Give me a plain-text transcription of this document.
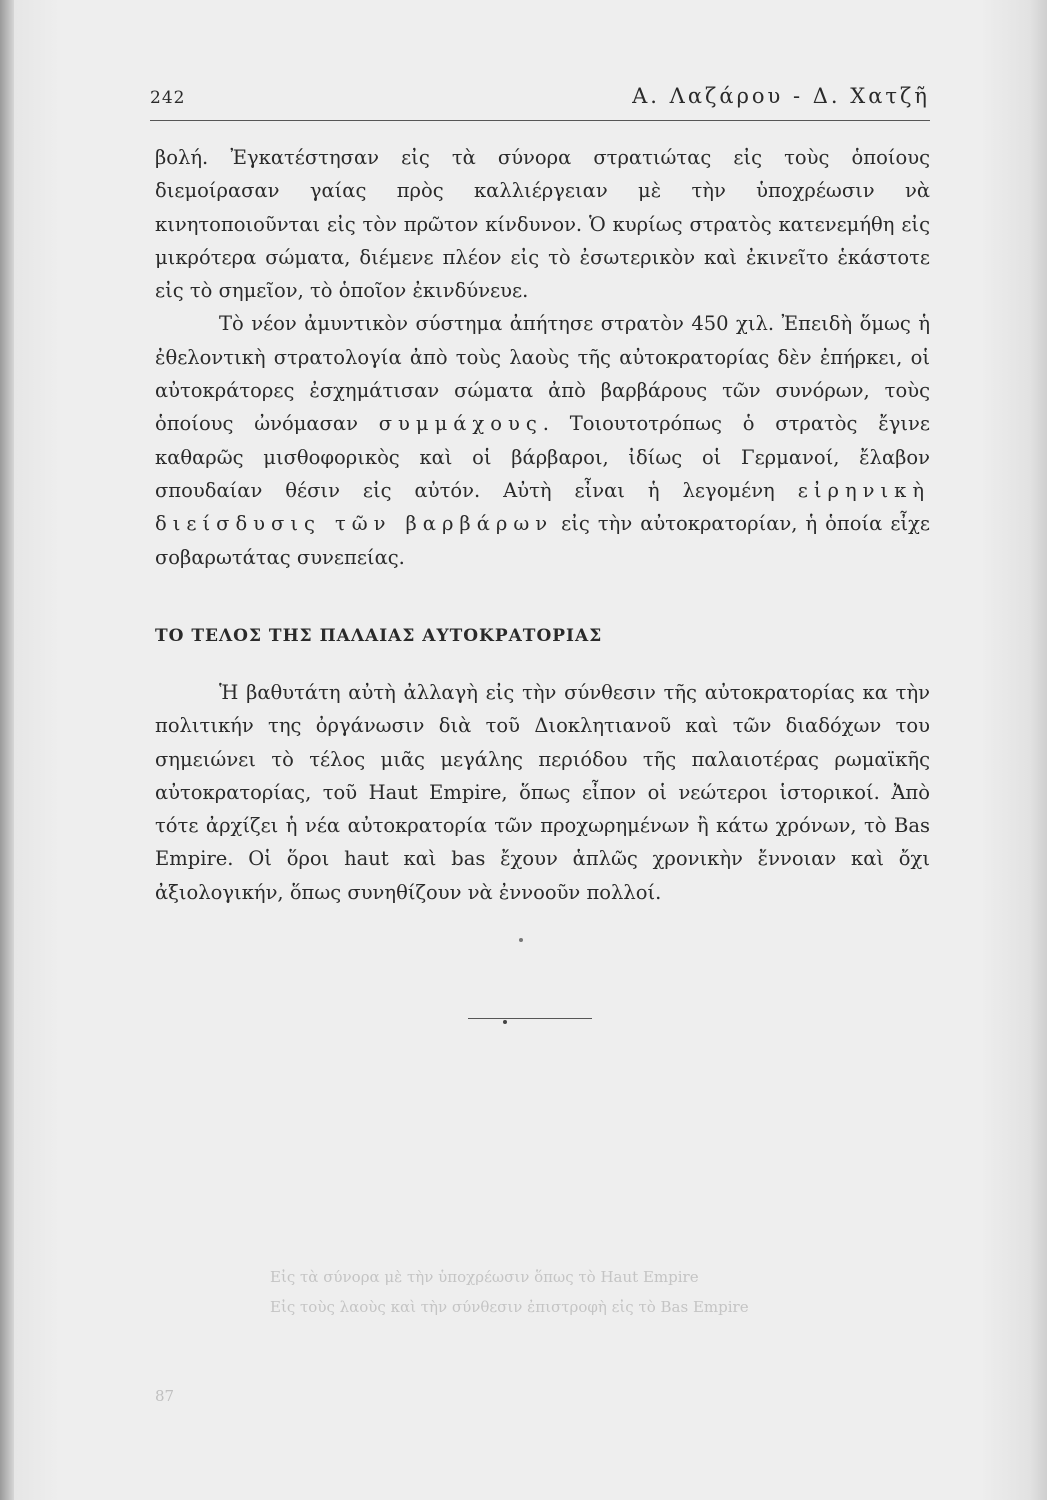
242	Α. Λαζάρου - Δ. Χατζῆ

βολή. Ἐγκατέστησαν εἰς τὰ σύνορα στρατιώτας εἰς τοὺς ὁποίους διεμοίρασαν γαίας πρὸς καλλιέργειαν μὲ τὴν ὑποχρέωσιν νὰ κινητοποιοῦνται εἰς τὸν πρῶτον κίνδυνον. Ὁ κυρίως στρατὸς κατενεμήθη εἰς μικρότερα σώματα, διέμενε πλέον εἰς τὸ ἐσωτερικὸν καὶ ἐκινεῖτο ἑκάστοτε εἰς τὸ σημεῖον, τὸ ὁποῖον ἐκινδύνευε.

Τὸ νέον ἀμυντικὸν σύστημα ἀπήτησε στρατὸν 450 χιλ. Ἐπειδὴ ὅμως ἡ ἐθελοντικὴ στρατολογία ἀπὸ τοὺς λαοὺς τῆς αὐτοκρατορίας δὲν ἐπήρκει, οἱ αὐτοκράτορες ἐσχημάτισαν σώματα ἀπὸ βαρβάρους τῶν συνόρων, τοὺς ὁποίους ὠνόμασαν συμμάχους. Τοιουτοτρόπως ὁ στρατὸς ἔγινε καθαρῶς μισθοφορικὸς καὶ οἱ βάρβαροι, ἰδίως οἱ Γερμανοί, ἔλαβον σπουδαίαν θέσιν εἰς αὐτόν. Αὐτὴ εἶναι ἡ λεγομένη εἰρηνικὴ διείσδυσις τῶν βαρβάρων εἰς τὴν αὐτοκρατορίαν, ἡ ὁποία εἶχε σοβαρωτάτας συνεπείας.

ΤΟ ΤΕΛΟΣ ΤΗΣ ΠΑΛΑΙΑΣ ΑΥΤΟΚΡΑΤΟΡΙΑΣ

Ἡ βαθυτάτη αὐτὴ ἀλλαγὴ εἰς τὴν σύνθεσιν τῆς αὐτοκρατορίας κα τὴν πολιτικήν της ὀργάνωσιν διὰ τοῦ Διοκλητιανοῦ καὶ τῶν διαδόχων του σημειώνει τὸ τέλος μιᾶς μεγάλης περιόδου τῆς παλαιοτέρας ρωμαϊκῆς αὐτοκρατορίας, τοῦ Haut Empire, ὅπως εἶπον οἱ νεώτεροι ἱστορικοί. Ἀπὸ τότε ἀρχίζει ἡ νέα αὐτοκρατορία τῶν προχωρημένων ἢ κάτω χρόνων, τὸ Bas Empire. Οἱ ὅροι haut καὶ bas ἔχουν ἁπλῶς χρονικὴν ἔννοιαν καὶ ὄχι ἀξιολογικήν, ὅπως συνηθίζουν νὰ ἐννοοῦν πολλοί.

Εἰς τὰ σύνορα μὲ τὴν ὑποχρέωσιν ὅπως τὸ Haut Empire
Εἰς τοὺς λαοὺς καὶ τὴν σύνθεσιν ἐπιστροφὴ εἰς τὸ Bas Empire
87
